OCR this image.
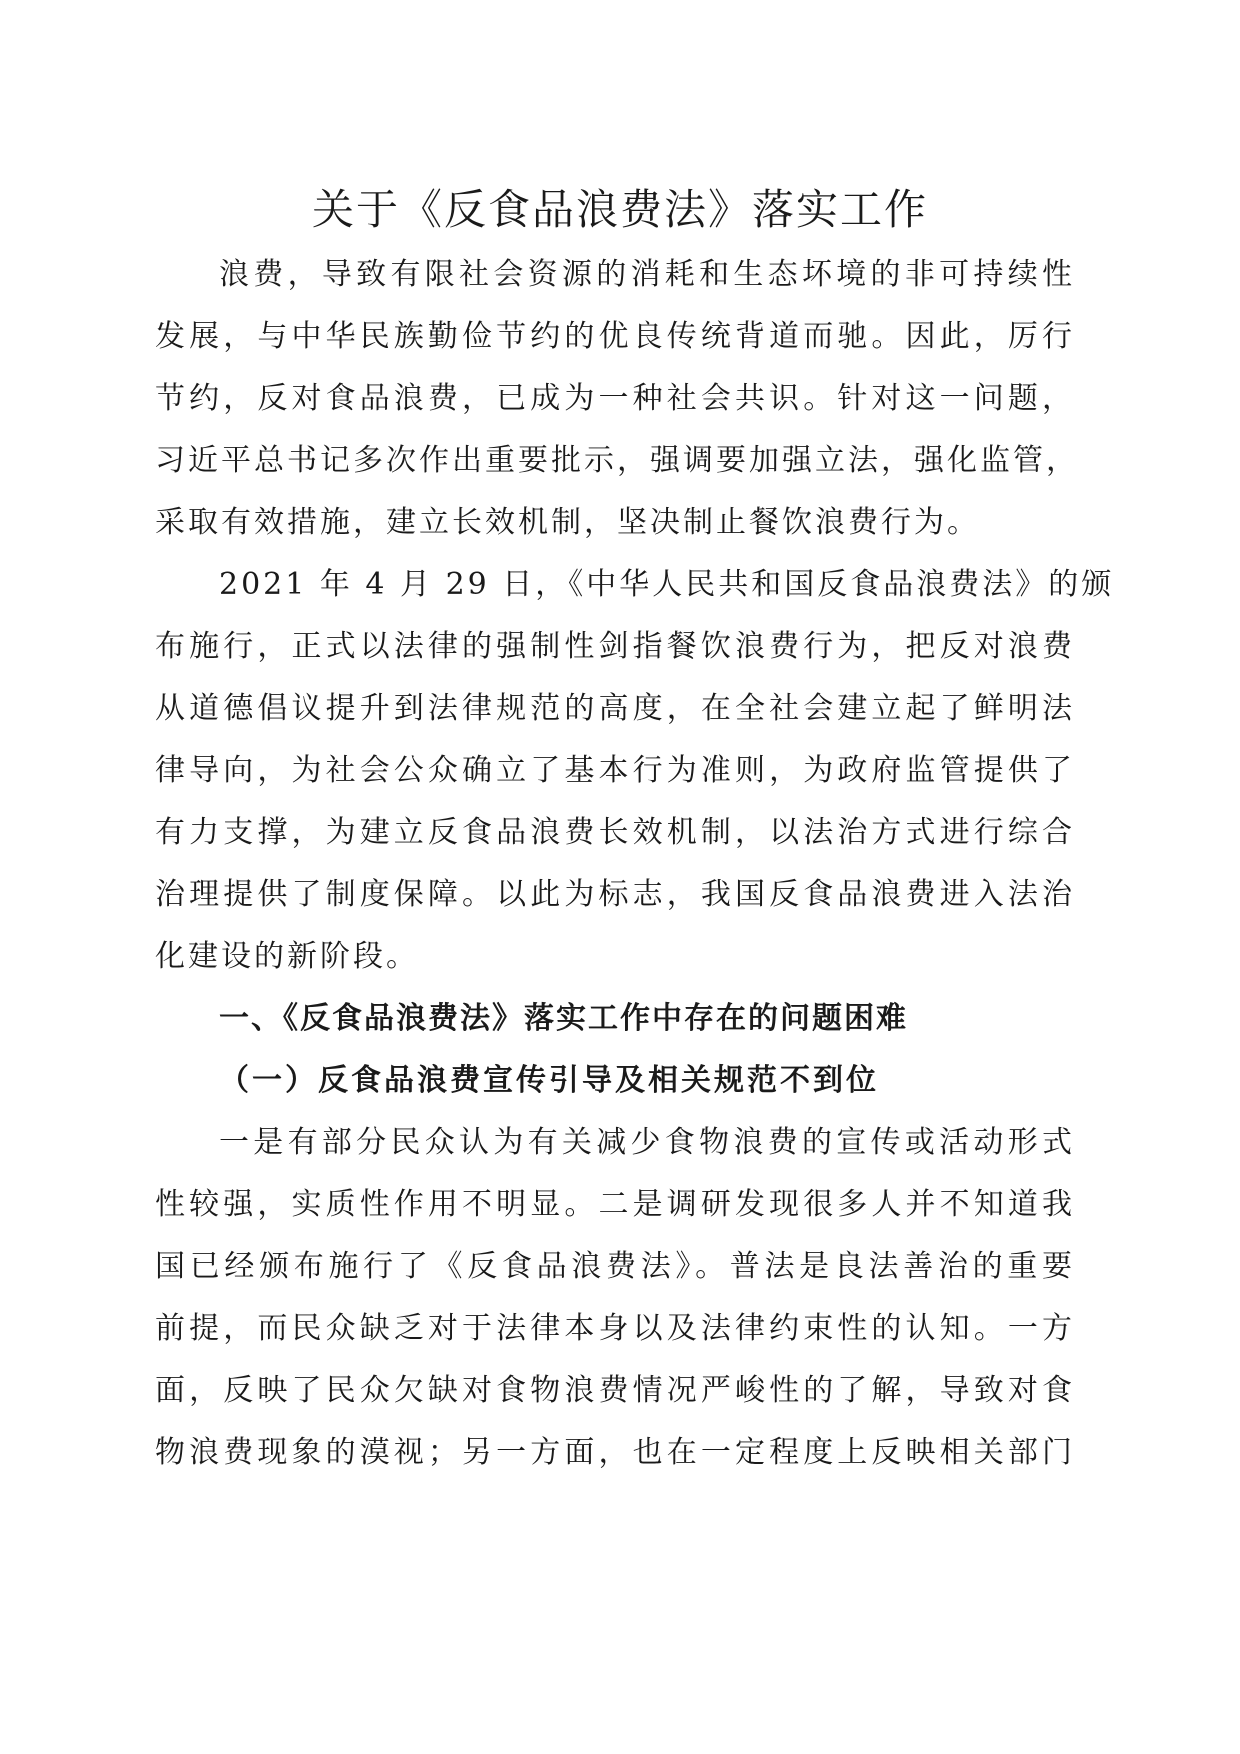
关于《反食品浪费法》落实工作
浪费，导致有限社会资源的消耗和生态坏境的非可持续性
发展，与中华民族勤俭节约的优良传统背道而驰。因此，厉行
节约，反对食品浪费，已成为一种社会共识。针对这一问题，
习近平总书记多次作出重要批示，强调要加强立法，强化监管，
采取有效措施，建立长效机制，坚决制止餐饮浪费行为。
2021 年 4 月 29 日，《中华人民共和国反食品浪费法》的颁
布施行，正式以法律的强制性剑指餐饮浪费行为，把反对浪费
从道德倡议提升到法律规范的高度，在全社会建立起了鲜明法
律导向，为社会公众确立了基本行为准则，为政府监管提供了
有力支撑，为建立反食品浪费长效机制，以法治方式进行综合
治理提供了制度保障。以此为标志，我国反食品浪费进入法治
化建设的新阶段。
一、《反食品浪费法》落实工作中存在的问题困难
（一）反食品浪费宣传引导及相关规范不到位
一是有部分民众认为有关减少食物浪费的宣传或活动形式
性较强，实质性作用不明显。二是调研发现很多人并不知道我
国已经颁布施行了《反食品浪费法》。普法是良法善治的重要
前提，而民众缺乏对于法律本身以及法律约束性的认知。一方
面，反映了民众欠缺对食物浪费情况严峻性的了解，导致对食
物浪费现象的漠视；另一方面，也在一定程度上反映相关部门
